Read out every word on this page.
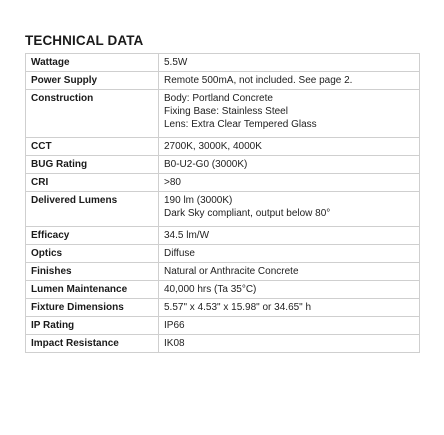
TECHNICAL DATA
Wattage	5.5W

Power Supply	Remote 500mA, not included. See page 2.

Construction	Body: Portland Concrete
Fixing Base: Stainless Steel
Lens: Extra Clear Tempered Glass

CCT	2700K, 3000K, 4000K

BUG Rating	B0-U2-G0 (3000K)

CRI	>80

Delivered Lumens	190 lm (3000K)
Dark Sky compliant, output below 80°

Efficacy	34.5 lm/W

Optics	Diffuse

Finishes	Natural or Anthracite Concrete

Lumen Maintenance	40,000 hrs (Ta 35°C)

Fixture Dimensions	5.57" x 4.53" x 15.98" or 34.65" h

IP Rating	IP66

Impact Resistance	IK08
